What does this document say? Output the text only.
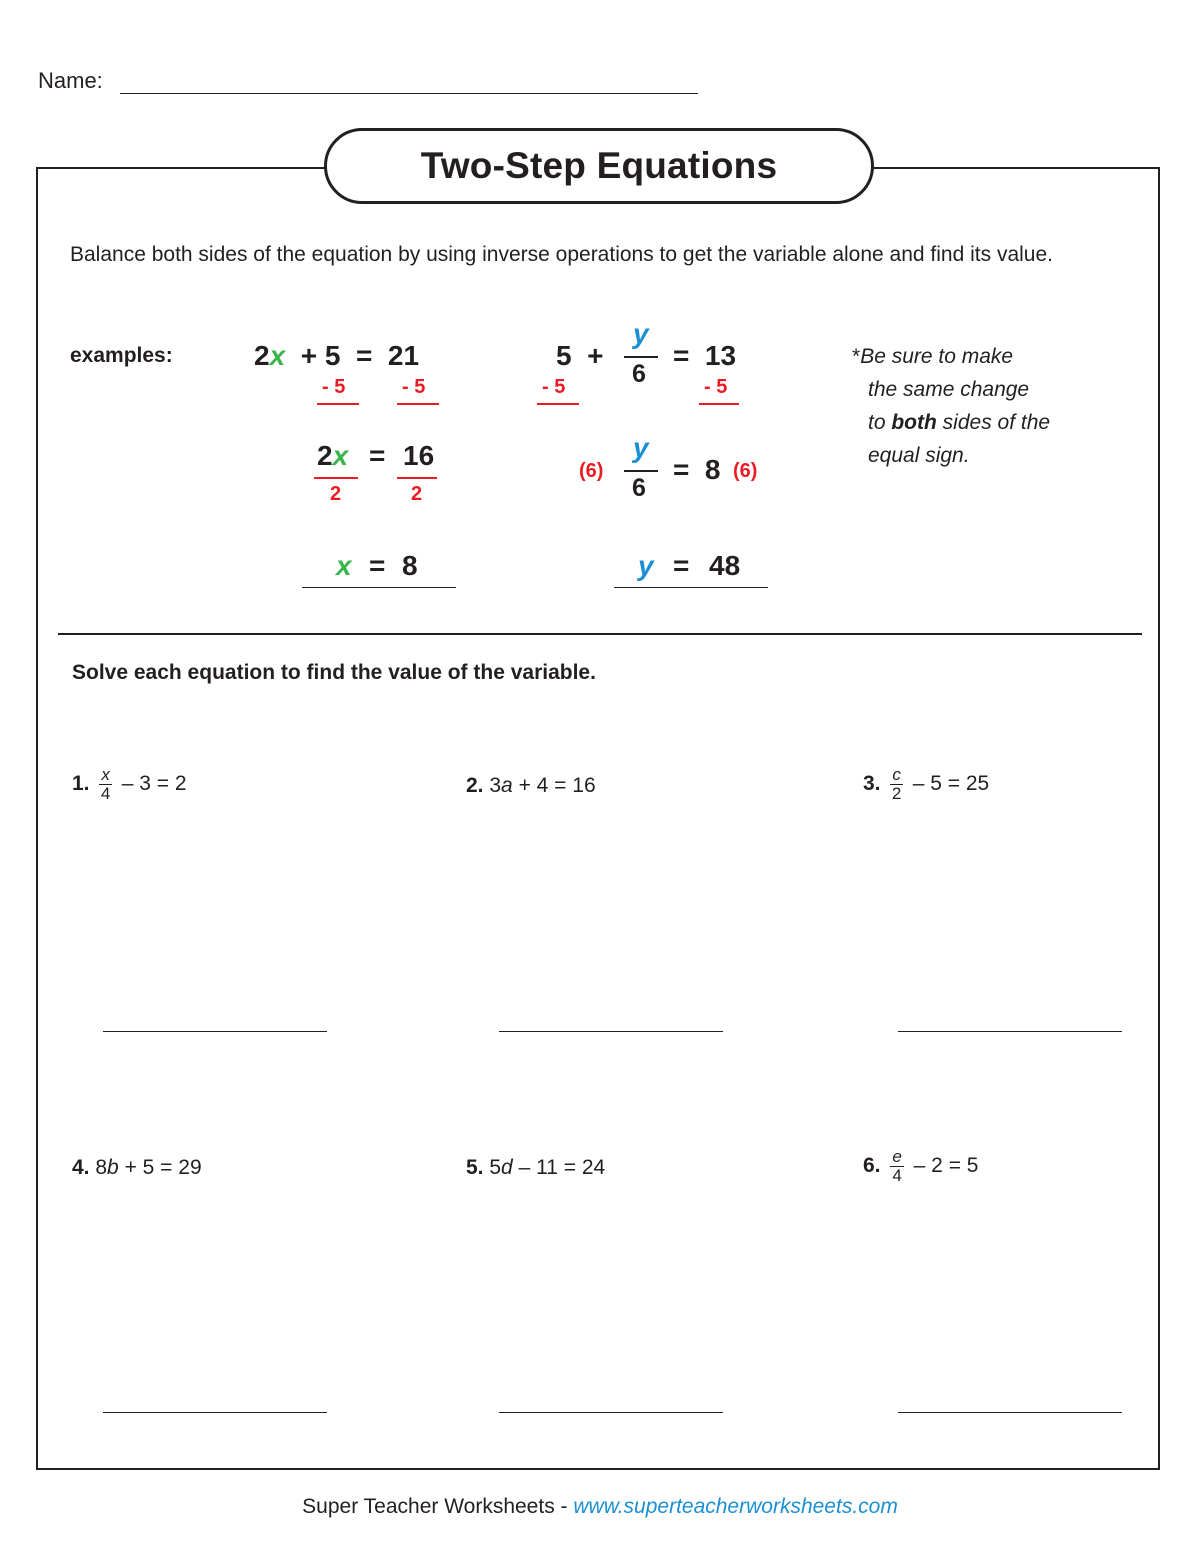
Name:
Two-Step Equations
Balance both sides of the equation by using inverse operations to get the variable alone and find its value.
examples:	2x + 5  =  21
- 5	- 5
2x = 16
2	2
x = 8
5  +
y
6
=  13
- 5	- 5
(6)
y
6
=  8 (6)
y = 48
*Be sure to make
the same change
to both sides of the
equal sign.
Solve each equation to find the value of the variable.
1. $\frac{x}{4} - 3 = 2$	2. 3a + 4 = 16	3. $\frac{c}{2} - 5 = 25$
4. 8b + 5 = 29	5. 5d – 11 = 24	6. $\frac{e}{4} - 2 = 5$
Super Teacher Worksheets - www.superteacherworksheets.com
